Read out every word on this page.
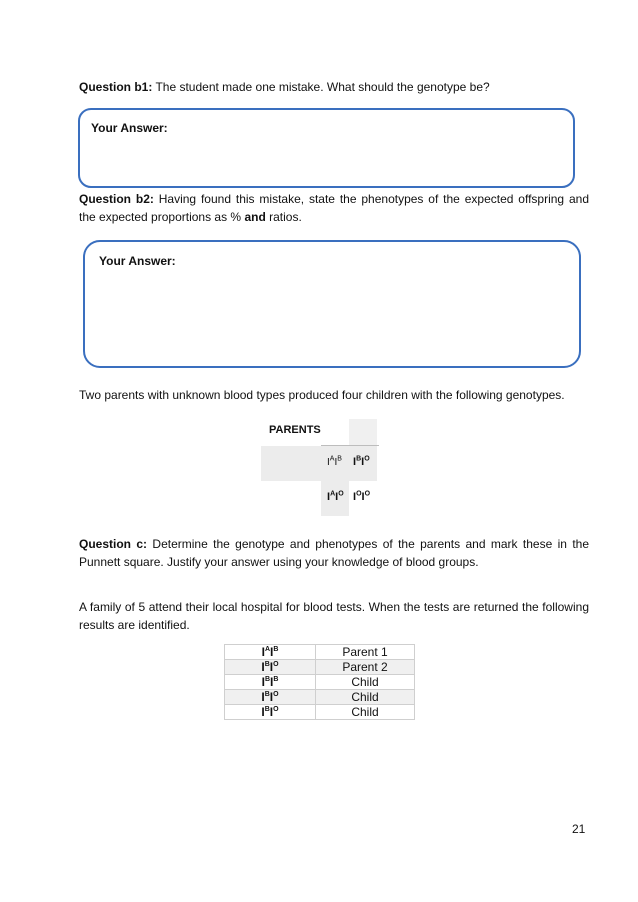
Question b1: The student made one mistake. What should the genotype be?
Your Answer:
Question b2: Having found this mistake, state the phenotypes of the expected offspring and the expected proportions as % and ratios.
Your Answer:
Two parents with unknown blood types produced four children with the following genotypes.
PARENTS
$I^AI^B$ $I^BI^O$
$I^AI^O$ $I^OI^O$
Question c: Determine the genotype and phenotypes of the parents and mark these in the Punnett square. Justify your answer using your knowledge of blood groups.
A family of 5 attend their local hospital for blood tests. When the tests are returned the following results are identified.
$I^AI^B$	Parent 1
$I^BI^O$	Parent 2
$I^BI^B$	Child
$I^BI^O$	Child
$I^BI^O$	Child
21
